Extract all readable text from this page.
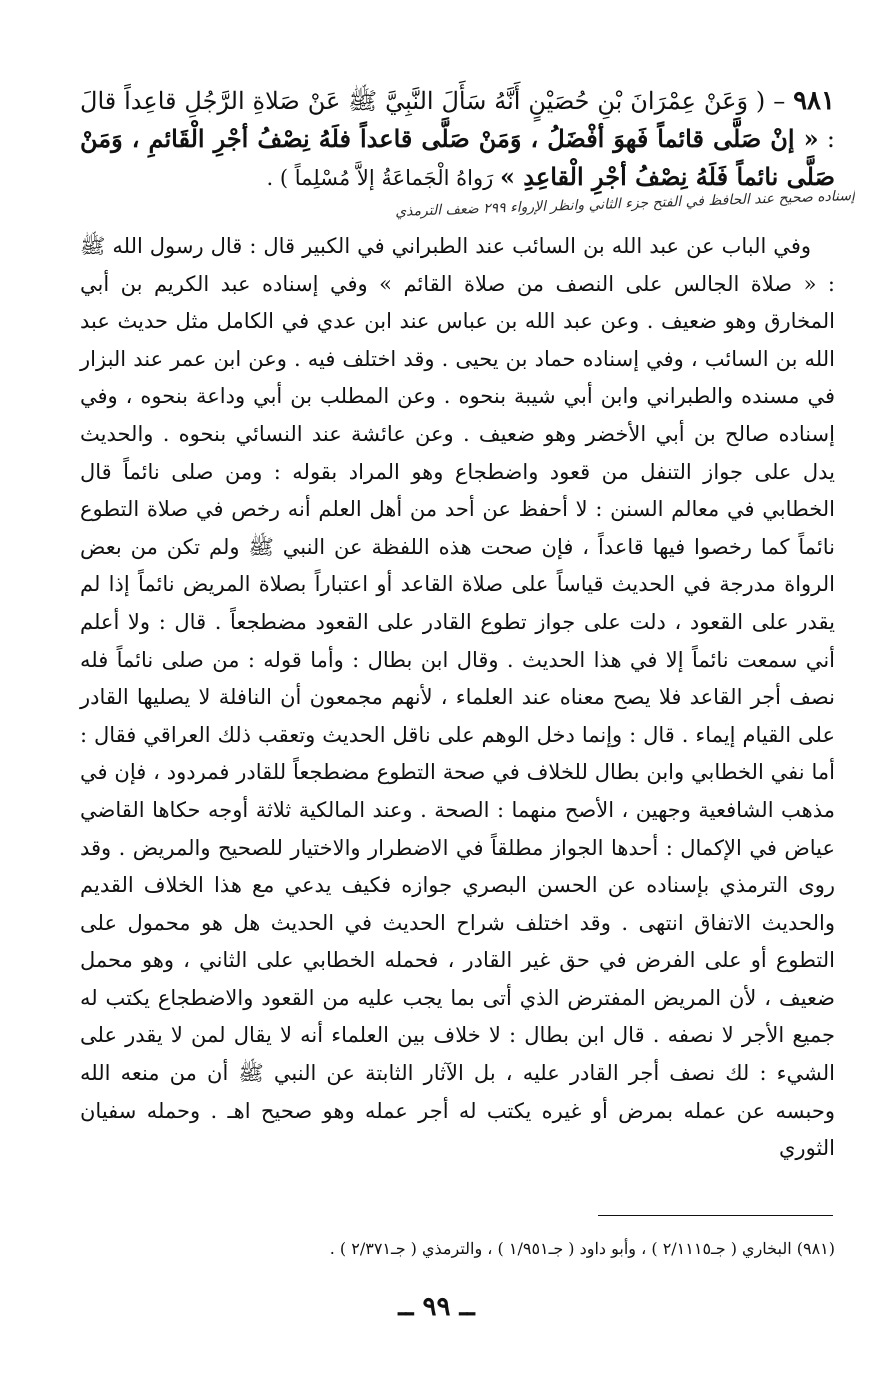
٩٨١ – ( وَعَنْ عِمْرَانَ بْنِ حُصَيْنٍ أَنَّهُ سَأَلَ النَّبِيَّ ﷺ عَنْ صَلاةِ الرَّجُلِ قاعِداً قالَ : « إنْ صَلَّى قائماً فَهوَ أفْضَلُ ، وَمَنْ صَلَّى قاعداً فلَهُ نِصْفُ أجْرِ الْقَائمِ ، وَمَنْ صَلَّى نائماً فَلَهُ نِصْفُ أجْرِ الْقاعِدِ » رَواهُ الْجَماعَةُ إلاَّ مُسْلِماً ) .
إسناده صحيح عند الحافظ في الفتح جزء الثاني وانظر الإرواء ٢٩٩ ضعف الترمذي

وفي الباب عن عبد الله بن السائب عند الطبراني في الكبير قال : قال رسول الله ﷺ : « صلاة الجالس على النصف من صلاة القائم » وفي إسناده عبد الكريم بن أبي المخارق وهو ضعيف . وعن عبد الله بن عباس عند ابن عدي في الكامل مثل حديث عبد الله بن السائب ، وفي إسناده حماد بن يحيى . وقد اختلف فيه . وعن ابن عمر عند البزار في مسنده والطبراني وابن أبي شيبة بنحوه . وعن المطلب بن أبي وداعة بنحوه ، وفي إسناده صالح بن أبي الأخضر وهو ضعيف . وعن عائشة عند النسائي بنحوه . والحديث يدل على جواز التنفل من قعود واضطجاع وهو المراد بقوله : ومن صلى نائماً قال الخطابي في معالم السنن : لا أحفظ عن أحد من أهل العلم أنه رخص في صلاة التطوع نائماً كما رخصوا فيها قاعداً ، فإن صحت هذه اللفظة عن النبي ﷺ ولم تكن من بعض الرواة مدرجة في الحديث قياساً على صلاة القاعد أو اعتباراً بصلاة المريض نائماً إذا لم يقدر على القعود ، دلت على جواز تطوع القادر على القعود مضطجعاً . قال : ولا أعلم أني سمعت نائماً إلا في هذا الحديث . وقال ابن بطال : وأما قوله : من صلى نائماً فله نصف أجر القاعد فلا يصح معناه عند العلماء ، لأنهم مجمعون أن النافلة لا يصليها القادر على القيام إيماء . قال : وإنما دخل الوهم على ناقل الحديث وتعقب ذلك العراقي فقال : أما نفي الخطابي وابن بطال للخلاف في صحة التطوع مضطجعاً للقادر فمردود ، فإن في مذهب الشافعية وجهين ، الأصح منهما : الصحة . وعند المالكية ثلاثة أوجه حكاها القاضي عياض في الإكمال : أحدها الجواز مطلقاً في الاضطرار والاختيار للصحيح والمريض . وقد روى الترمذي بإسناده عن الحسن البصري جوازه فكيف يدعي مع هذا الخلاف القديم والحديث الاتفاق انتهى . وقد اختلف شراح الحديث في الحديث هل هو محمول على التطوع أو على الفرض في حق غير القادر ، فحمله الخطابي على الثاني ، وهو محمل ضعيف ، لأن المريض المفترض الذي أتى بما يجب عليه من القعود والاضطجاع يكتب له جميع الأجر لا نصفه . قال ابن بطال : لا خلاف بين العلماء أنه لا يقال لمن لا يقدر على الشيء : لك نصف أجر القادر عليه ، بل الآثار الثابتة عن النبي ﷺ أن من منعه الله وحبسه عن عمله بمرض أو غيره يكتب له أجر عمله وهو صحيح اهـ . وحمله سفيان الثوري

(٩٨١) البخاري ( جـ٢/١١١٥ ) ، وأبو داود ( جـ١/٩٥١ ) ، والترمذي ( جـ٢/٣٧١ ) .
ــ ٩٩ ــ
